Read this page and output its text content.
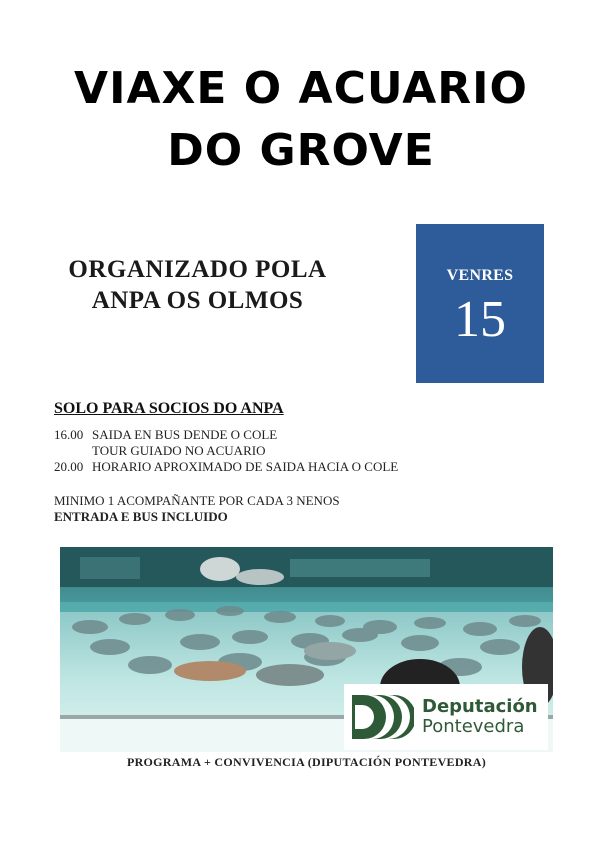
VIAXE O ACUARIO
DO GROVE
ORGANIZADO POLA
ANPA OS OLMOS
VENRES
15
SOLO PARA SOCIOS DO ANPA
16.00 SAIDA EN BUS DENDE O COLE
TOUR GUIADO NO ACUARIO
20.00 HORARIO APROXIMADO DE SAIDA HACIA O COLE
MINIMO 1 ACOMPAÑANTE POR CADA 3 NENOS
ENTRADA E BUS INCLUIDO
Deputación
Pontevedra
PROGRAMA + CONVIVENCIA (DIPUTACIÓN PONTEVEDRA)
